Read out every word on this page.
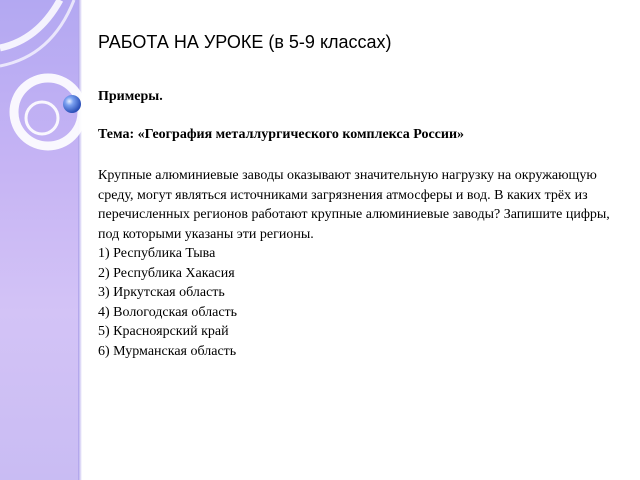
РАБОТА НА УРОКЕ (в 5-9 классах)
Примеры.
Тема: «География металлургического комплекса России»
Крупные алюминиевые заводы оказывают значительную нагрузку на окружающую среду, могут являться источниками загрязнения атмосферы и вод. В каких трёх из перечисленных регионов работают крупные алюминиевые заводы? Запишите цифры, под которыми указаны эти регионы.
1) Республика Тыва
2) Республика Хакасия
3) Иркутская область
4) Вологодская область
5) Красноярский край
6) Мурманская область
